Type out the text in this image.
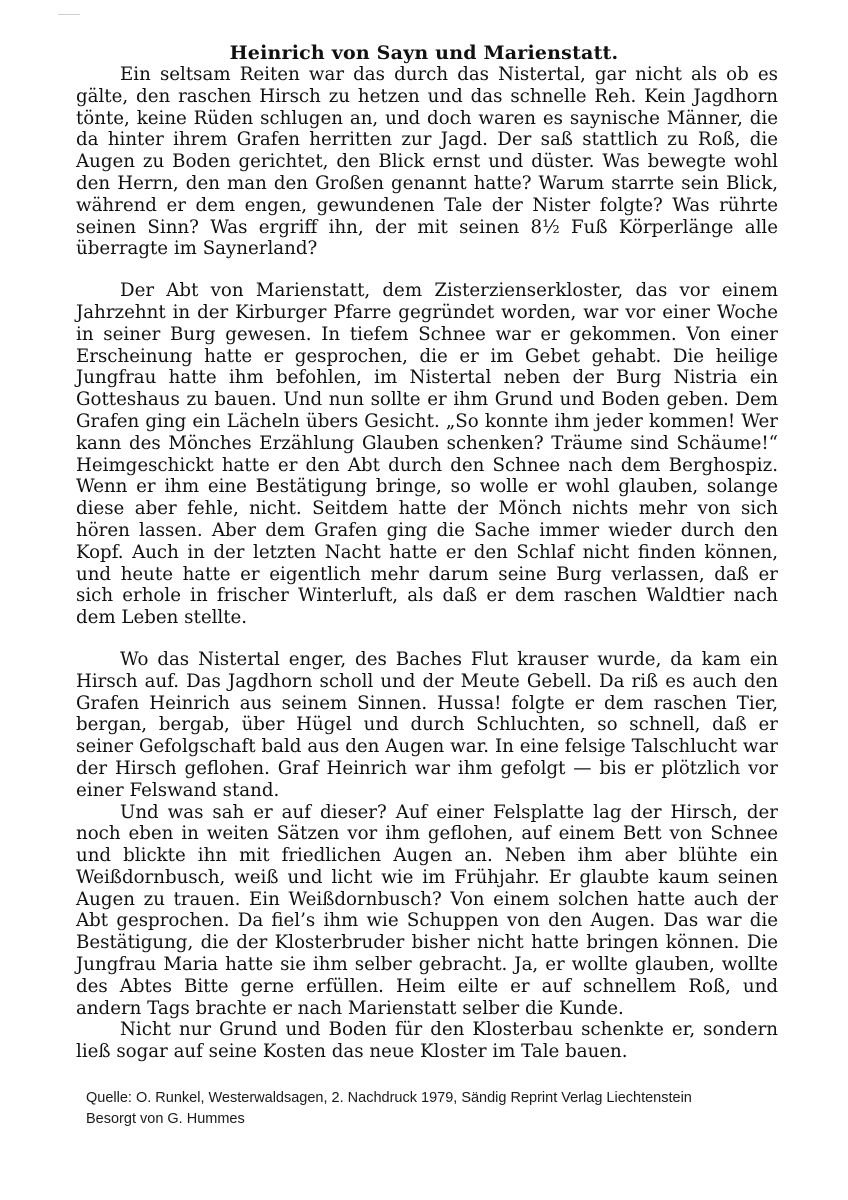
Heinrich von Sayn und Marienstatt.

Ein seltsam Reiten war das durch das Nistertal, gar nicht als ob es gälte, den raschen Hirsch zu hetzen und das schnelle Reh. Kein Jagdhorn tönte, keine Rüden schlugen an, und doch waren es saynische Männer, die da hinter ihrem Grafen herritten zur Jagd. Der saß stattlich zu Roß, die Augen zu Boden gerichtet, den Blick ernst und düster. Was bewegte wohl den Herrn, den man den Großen genannt hatte? Warum starrte sein Blick, während er dem engen, gewundenen Tale der Nister folgte? Was rührte seinen Sinn? Was ergriff ihn, der mit seinen 8½ Fuß Körperlänge alle überragte im Saynerland?

Der Abt von Marienstatt, dem Zisterzienserkloster, das vor einem Jahrzehnt in der Kirburger Pfarre gegründet worden, war vor einer Woche in seiner Burg gewesen. In tiefem Schnee war er gekommen. Von einer Erscheinung hatte er gesprochen, die er im Gebet gehabt. Die heilige Jungfrau hatte ihm befohlen, im Nistertal neben der Burg Nistria ein Gotteshaus zu bauen. Und nun sollte er ihm Grund und Boden geben. Dem Grafen ging ein Lächeln übers Gesicht. „So konnte ihm jeder kommen! Wer kann des Mönches Erzählung Glauben schenken? Träume sind Schäume!“ Heimgeschickt hatte er den Abt durch den Schnee nach dem Berghospiz. Wenn er ihm eine Bestätigung bringe, so wolle er wohl glauben, solange diese aber fehle, nicht. Seitdem hatte der Mönch nichts mehr von sich hören lassen. Aber dem Grafen ging die Sache immer wieder durch den Kopf. Auch in der letzten Nacht hatte er den Schlaf nicht finden können, und heute hatte er eigentlich mehr darum seine Burg verlassen, daß er sich erhole in frischer Winterluft, als daß er dem raschen Waldtier nach dem Leben stellte.

Wo das Nistertal enger, des Baches Flut krauser wurde, da kam ein Hirsch auf. Das Jagdhorn scholl und der Meute Gebell. Da riß es auch den Grafen Heinrich aus seinem Sinnen. Hussa! folgte er dem raschen Tier, bergan, bergab, über Hügel und durch Schluchten, so schnell, daß er seiner Gefolgschaft bald aus den Augen war. In eine felsige Talschlucht war der Hirsch geflohen. Graf Heinrich war ihm gefolgt — bis er plötzlich vor einer Felswand stand.

Und was sah er auf dieser? Auf einer Felsplatte lag der Hirsch, der noch eben in weiten Sätzen vor ihm geflohen, auf einem Bett von Schnee und blickte ihn mit friedlichen Augen an. Neben ihm aber blühte ein Weißdornbusch, weiß und licht wie im Frühjahr. Er glaubte kaum seinen Augen zu trauen. Ein Weißdornbusch? Von einem solchen hatte auch der Abt gesprochen. Da fiel’s ihm wie Schuppen von den Augen. Das war die Bestätigung, die der Klosterbruder bisher nicht hatte bringen können. Die Jungfrau Maria hatte sie ihm selber gebracht. Ja, er wollte glauben, wollte des Abtes Bitte gerne erfüllen. Heim eilte er auf schnellem Roß, und andern Tags brachte er nach Marienstatt selber die Kunde.

Nicht nur Grund und Boden für den Klosterbau schenkte er, sondern ließ sogar auf seine Kosten das neue Kloster im Tale bauen.

Quelle: O. Runkel, Westerwaldsagen, 2. Nachdruck 1979, Sändig Reprint Verlag Liechtenstein
Besorgt von G. Hummes
